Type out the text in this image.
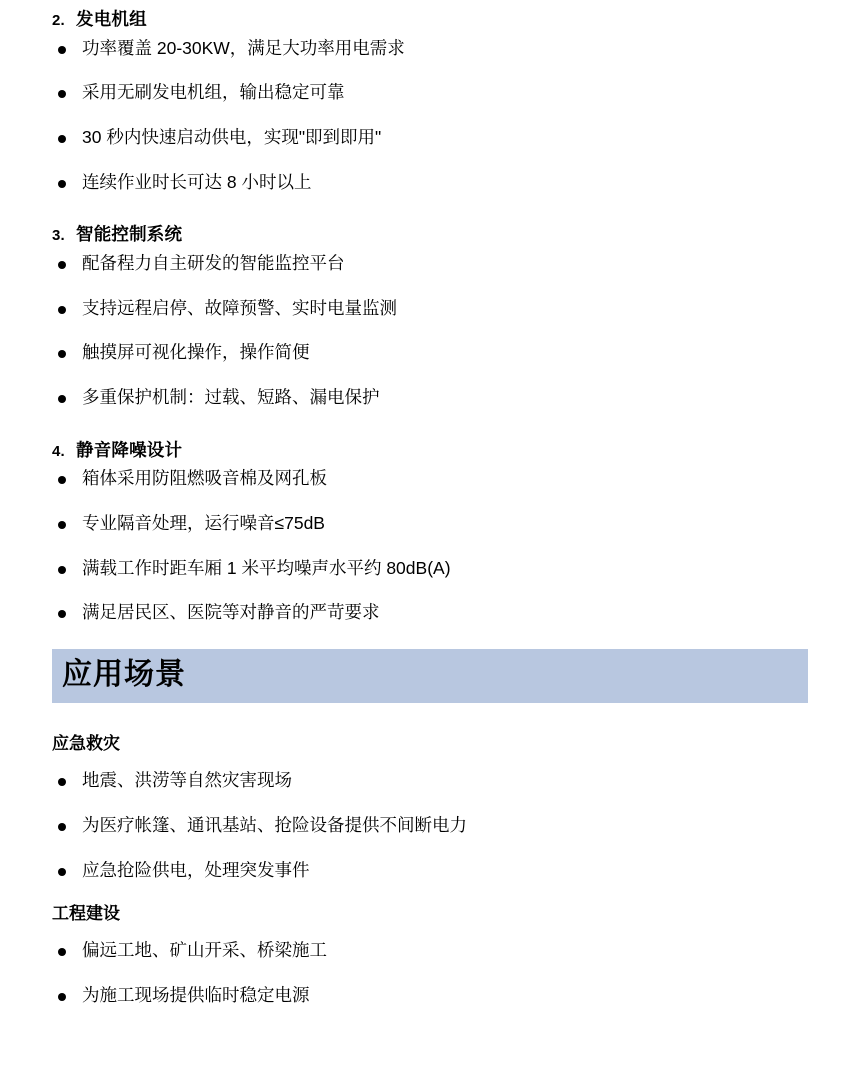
2. 发电机组
功率覆盖 20-30KW，满足大功率用电需求
采用无刷发电机组，输出稳定可靠
30 秒内快速启动供电，实现"即到即用"
连续作业时长可达 8 小时以上
3. 智能控制系统
配备程力自主研发的智能监控平台
支持远程启停、故障预警、实时电量监测
触摸屏可视化操作，操作简便
多重保护机制：过载、短路、漏电保护
4. 静音降噪设计
箱体采用防阻燃吸音棉及网孔板
专业隔音处理，运行噪音≤75dB
满载工作时距车厢 1 米平均噪声水平约 80dB(A)
满足居民区、医院等对静音的严苛要求
应用场景
应急救灾
地震、洪涝等自然灾害现场
为医疗帐篷、通讯基站、抢险设备提供不间断电力
应急抢险供电，处理突发事件
工程建设
偏远工地、矿山开采、桥梁施工
为施工现场提供临时稳定电源
